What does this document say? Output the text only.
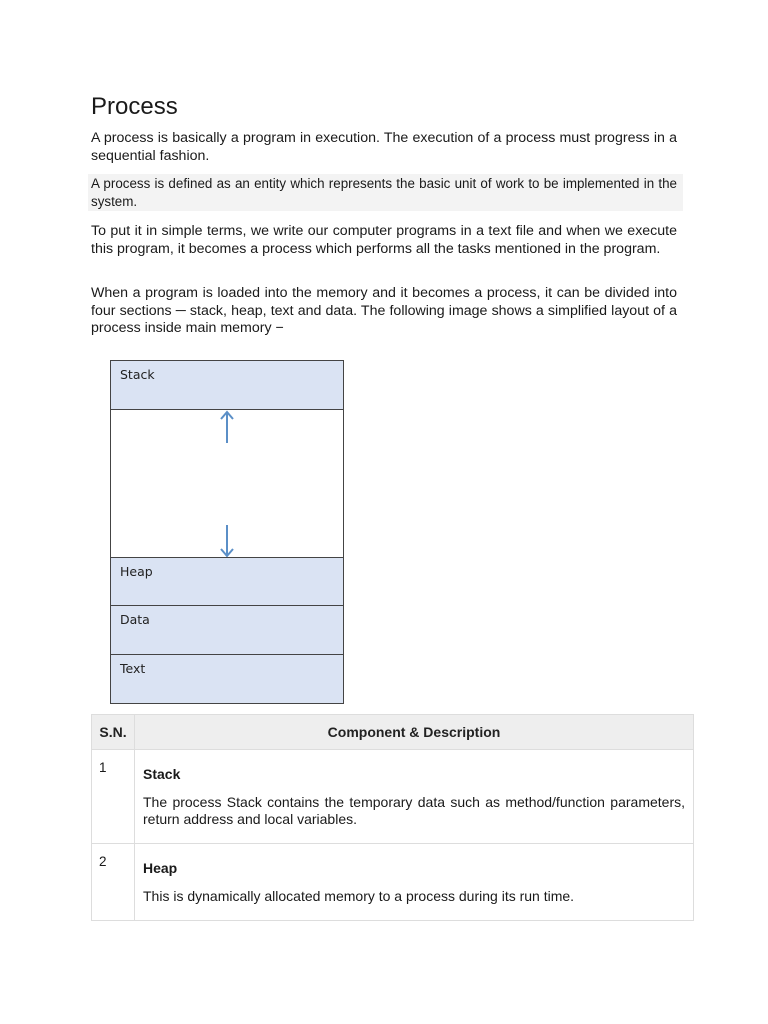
Process

A process is basically a program in execution. The execution of a process must progress in a sequential fashion.

A process is defined as an entity which represents the basic unit of work to be implemented in the system.

To put it in simple terms, we write our computer programs in a text file and when we execute this program, it becomes a process which performs all the tasks mentioned in the program.

When a program is loaded into the memory and it becomes a process, it can be divided into four sections ─ stack, heap, text and data. The following image shows a simplified layout of a process inside main memory −

Stack
Heap
Data
Text
S.N.	Component & Description
1	Stack
The process Stack contains the temporary data such as method/function parameters, return address and local variables.

2	Heap
This is dynamically allocated memory to a process during its run time.
